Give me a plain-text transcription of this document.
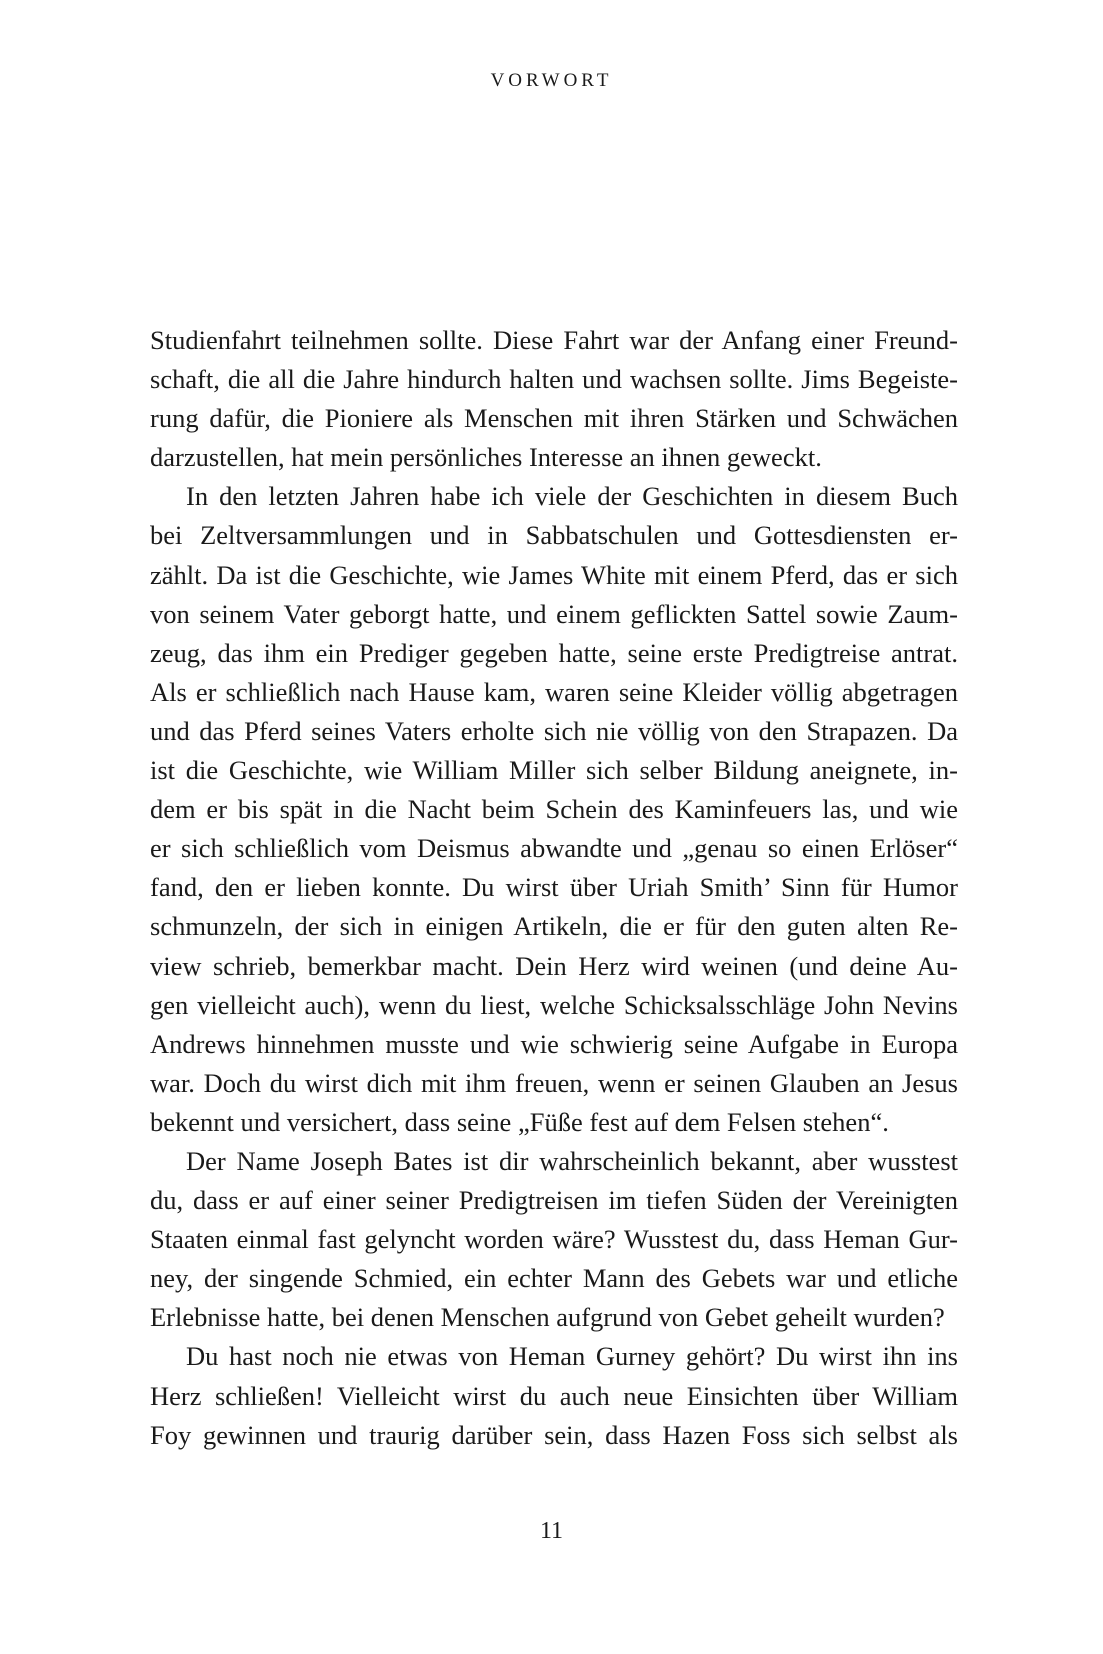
VORWORT
Studienfahrt teilnehmen sollte. Diese Fahrt war der Anfang einer Freund-
schaft, die all die Jahre hindurch halten und wachsen sollte. Jims Begeiste-
rung dafür, die Pioniere als Menschen mit ihren Stärken und Schwächen
darzustellen, hat mein persönliches Interesse an ihnen geweckt.
In den letzten Jahren habe ich viele der Geschichten in diesem Buch
bei Zeltversammlungen und in Sabbatschulen und Gottesdiensten er-
zählt. Da ist die Geschichte, wie James White mit einem Pferd, das er sich
von seinem Vater geborgt hatte, und einem geflickten Sattel sowie Zaum-
zeug, das ihm ein Prediger gegeben hatte, seine erste Predigtreise antrat.
Als er schließlich nach Hause kam, waren seine Kleider völlig abgetragen
und das Pferd seines Vaters erholte sich nie völlig von den Strapazen. Da
ist die Geschichte, wie William Miller sich selber Bildung aneignete, in-
dem er bis spät in die Nacht beim Schein des Kaminfeuers las, und wie
er sich schließlich vom Deismus abwandte und „genau so einen Erlöser“
fand, den er lieben konnte. Du wirst über Uriah Smith’ Sinn für Humor
schmunzeln, der sich in einigen Artikeln, die er für den guten alten Re-
view schrieb, bemerkbar macht. Dein Herz wird weinen (und deine Au-
gen vielleicht auch), wenn du liest, welche Schicksalsschläge John Nevins
Andrews hinnehmen musste und wie schwierig seine Aufgabe in Europa
war. Doch du wirst dich mit ihm freuen, wenn er seinen Glauben an Jesus
bekennt und versichert, dass seine „Füße fest auf dem Felsen stehen“.
Der Name Joseph Bates ist dir wahrscheinlich bekannt, aber wusstest
du, dass er auf einer seiner Predigtreisen im tiefen Süden der Vereinigten
Staaten einmal fast gelyncht worden wäre? Wusstest du, dass Heman Gur-
ney, der singende Schmied, ein echter Mann des Gebets war und etliche
Erlebnisse hatte, bei denen Menschen aufgrund von Gebet geheilt wurden?
Du hast noch nie etwas von Heman Gurney gehört? Du wirst ihn ins
Herz schließen! Vielleicht wirst du auch neue Einsichten über William
Foy gewinnen und traurig darüber sein, dass Hazen Foss sich selbst als
11
